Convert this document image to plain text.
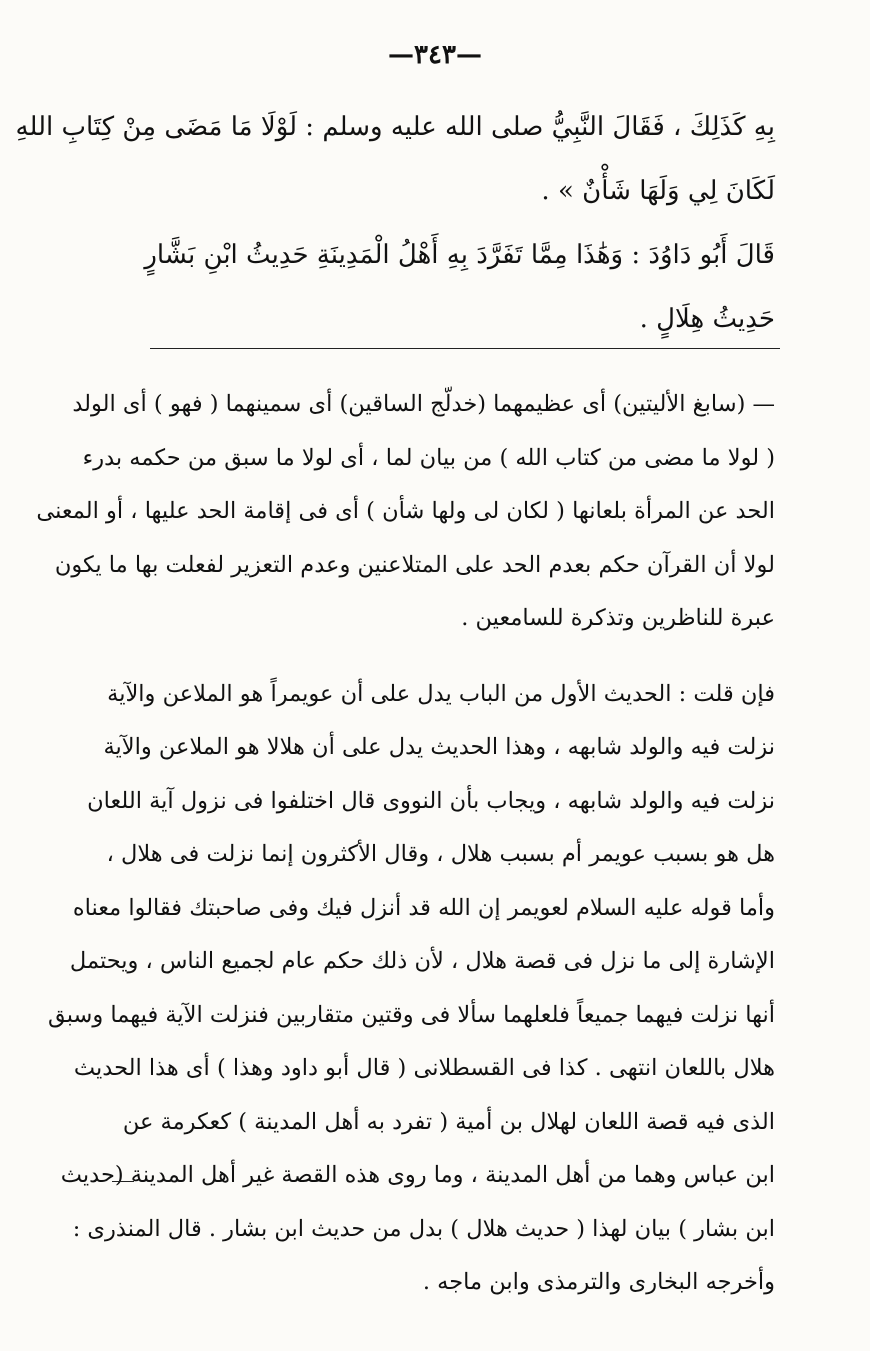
—٣٤٣—
بِهِ كَذَلِكَ ، فَقَالَ النَّبِيُّ صلى الله عليه وسلم : لَوْلَا مَا مَضَى مِنْ كِتَابِ اللهِ
لَكَانَ لِي وَلَهَا شَأْنٌ » .
قَالَ أَبُو دَاوُدَ : وَهَٰذَا مِمَّا تَفَرَّدَ بِهِ أَهْلُ الْمَدِينَةِ حَدِيثُ ابْنِ بَشَّارٍ
حَدِيثُ هِلَالٍ .
— (سابغ الأليتين) أى عظيمهما (خدلّج الساقين) أى سمينهما ( فهو ) أى الولد
( لولا ما مضى من كتاب الله ) من بيان لما ، أى لولا ما سبق من حكمه بدرء
الحد عن المرأة بلعانها ( لكان لى ولها شأن ) أى فى إقامة الحد عليها ، أو المعنى
لولا أن القرآن حكم بعدم الحد على المتلاعنين وعدم التعزير لفعلت بها ما يكون
عبرة للناظرين وتذكرة للسامعين .
فإن قلت : الحديث الأول من الباب يدل على أن عويمراً هو الملاعن والآية
نزلت فيه والولد شابهه ، وهذا الحديث يدل على أن هلالا هو الملاعن والآية
نزلت فيه والولد شابهه ، ويجاب بأن النووى قال اختلفوا فى نزول آية اللعان
هل هو بسبب عويمر أم بسبب هلال ، وقال الأكثرون إنما نزلت فى هلال ،
وأما قوله عليه السلام لعويمر إن الله قد أنزل فيك وفى صاحبتك فقالوا معناه
الإشارة إلى ما نزل فى قصة هلال ، لأن ذلك حكم عام لجميع الناس ، ويحتمل
أنها نزلت فيهما جميعاً فلعلهما سألا فى وقتين متقاربين فنزلت الآية فيهما وسبق
هلال باللعان انتهى . كذا فى القسطلانى ( قال أبو داود وهذا ) أى هذا الحديث
الذى فيه قصة اللعان لهلال بن أمية ( تفرد به أهل المدينة ) كعكرمة عن
ابن عباس وهما من أهل المدينة ، وما روى هذه القصة غير أهل المدينة (حديث
ابن بشار ) بيان لهذا ( حديث هلال ) بدل من حديث ابن بشار . قال المنذرى :
وأخرجه البخارى والترمذى وابن ماجه .
